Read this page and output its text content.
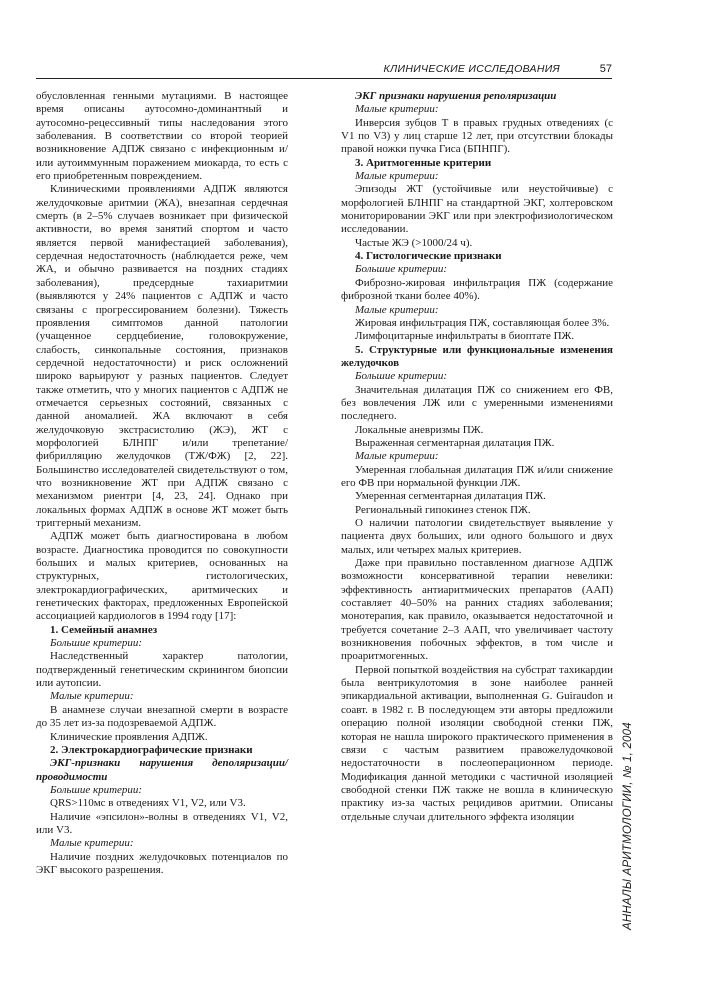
КЛИНИЧЕСКИЕ ИССЛЕДОВАНИЯ	57

обусловленная генными мутациями. В настоящее время описаны аутосомно-доминантный и аутосомно-рецессивный типы наследования этого заболевания. В соответствии со второй теорией возникновение АДПЖ связано с инфекционным и/или аутоиммунным поражением миокарда, то есть с его приобретенным повреждением.

Клиническими проявлениями АДПЖ являются желудочковые аритмии (ЖА), внезапная сердечная смерть (в 2–5% случаев возникает при физической активности, во время занятий спортом и часто является первой манифестацией заболевания), сердечная недостаточность (наблюдается реже, чем ЖА, и обычно развивается на поздних стадиях заболевания), предсердные тахиаритмии (выявляются у 24% пациентов с АДПЖ и часто связаны с прогрессированием болезни). Тяжесть проявления симптомов данной патологии (учащенное сердцебиение, головокружение, слабость, синкопальные состояния, признаков сердечной недостаточности) и риск осложнений широко варьируют у разных пациентов. Следует также отметить, что у многих пациентов с АДПЖ не отмечается серьезных состояний, связанных с данной аномалией. ЖА включают в себя желудочковую экстрасистолию (ЖЭ), ЖТ с морфологией БЛНПГ и/или трепетание/фибрилляцию желудочков (ТЖ/ФЖ) [2, 22]. Большинство исследователей свидетельствуют о том, что возникновение ЖТ при АДПЖ связано с механизмом риентри [4, 23, 24]. Однако при локальных формах АДПЖ в основе ЖТ может быть триггерный механизм.

АДПЖ может быть диагностирована в любом возрасте. Диагностика проводится по совокупности больших и малых критериев, основанных на структурных, гистологических, электрокардиографических, аритмических и генетических факторах, предложенных Европейской ассоциацией кардиологов в 1994 году [17]:

1. Семейный анамнез

Большие критерии:

Наследственный характер патологии, подтвержденный генетическим скринингом биопсии или аутопсии.

Малые критерии:

В анамнезе случаи внезапной смерти в возрасте до 35 лет из-за подозреваемой АДПЖ.

Клинические проявления АДПЖ.

2. Электрокардиографические признаки

ЭКГ-признаки нарушения деполяризации/проводимости

Большие критерии:

QRS>110мс в отведениях V1, V2, или V3.

Наличие «эпсилон»-волны в отведениях V1, V2, или V3.

Малые критерии:

Наличие поздних желудочковых потенциалов по ЭКГ высокого разрешения.

ЭКГ признаки нарушения реполяризации

Малые критерии:

Инверсия зубцов Т в правых грудных отведениях (с V1 по V3) у лиц старше 12 лет, при отсутствии блокады правой ножки пучка Гиса (БПНПГ).

3. Аритмогенные критерии

Малые критерии:

Эпизоды ЖТ (устойчивые или неустойчивые) с морфологией БЛНПГ на стандартной ЭКГ, холтеровском мониторировании ЭКГ или при электрофизиологическом исследовании.

Частые ЖЭ (>1000/24 ч).

4. Гистологические признаки

Большие критерии:

Фиброзно-жировая инфильтрация ПЖ (содержание фиброзной ткани более 40%).

Малые критерии:

Жировая инфильтрация ПЖ, составляющая более 3%.

Лимфоцитарные инфильтраты в биоптате ПЖ.

5. Структурные или функциональные изменения желудочков

Большие критерии:

Значительная дилатация ПЖ со снижением его ФВ, без вовлечения ЛЖ или с умеренными изменениями последнего.

Локальные аневризмы ПЖ.

Выраженная сегментарная дилатация ПЖ.

Малые критерии:

Умеренная глобальная дилатация ПЖ и/или снижение его ФВ при нормальной функции ЛЖ.

Умеренная сегментарная дилатация ПЖ.

Региональный гипокинез стенок ПЖ.

О наличии патологии свидетельствует выявление у пациента двух больших, или одного большого и двух малых, или четырех малых критериев.

Даже при правильно поставленном диагнозе АДПЖ возможности консервативной терапии невелики: эффективность антиаритмических препаратов (ААП) составляет 40–50% на ранних стадиях заболевания; монотерапия, как правило, оказывается недостаточной и требуется сочетание 2–3 ААП, что увеличивает частоту возникновения побочных эффектов, в том числе и проаритмогенных.

Первой попыткой воздействия на субстрат тахикардии была вентрикулотомия в зоне наиболее ранней эпикардиальной активации, выполненная G. Guiraudon и соавт. в 1982 г. В последующем эти авторы предложили операцию полной изоляции свободной стенки ПЖ, которая не нашла широкого практического применения в связи с частым развитием правожелудочковой недостаточности в послеоперационном периоде. Модификация данной методики с частичной изоляцией свободной стенки ПЖ также не вошла в клиническую практику из-за частых рецидивов аритмии. Описаны отдельные случаи длительного эффекта изоляции	АННАЛЫ АРИТМОЛОГИИ, № 1, 2004
